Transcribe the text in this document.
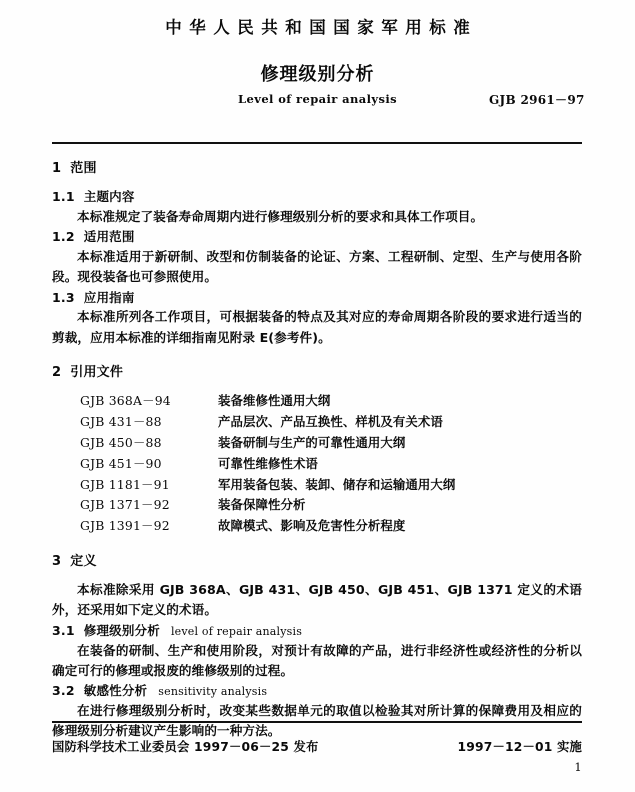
中华人民共和国国家军用标准
修理级别分析
Level of repair analysis	GJB 2961－97
1 范围
1.1 主题内容

本标准规定了装备寿命周期内进行修理级别分析的要求和具体工作项目。

1.2 适用范围

本标准适用于新研制、改型和仿制装备的论证、方案、工程研制、定型、生产与使用各阶段。现役装备也可参照使用。

1.3 应用指南

本标准所列各工作项目，可根据装备的特点及其对应的寿命周期各阶段的要求进行适当的剪裁，应用本标准的详细指南见附录 E(参考件)。

2 引用文件
GJB 368A－94	装备维修性通用大纲
GJB 431－88	产品层次、产品互换性、样机及有关术语
GJB 450－88	装备研制与生产的可靠性通用大纲
GJB 451－90	可靠性维修性术语
GJB 1181－91	军用装备包装、装卸、储存和运输通用大纲
GJB 1371－92	装备保障性分析
GJB 1391－92	故障模式、影响及危害性分析程度
3 定义

本标准除采用 GJB 368A、GJB 431、GJB 450、GJB 451、GJB 1371 定义的术语外，还采用如下定义的术语。

3.1 修理级别分析 level of repair analysis

在装备的研制、生产和使用阶段，对预计有故障的产品，进行非经济性或经济性的分析以确定可行的修理或报废的维修级别的过程。

3.2 敏感性分析 sensitivity analysis

在进行修理级别分析时，改变某些数据单元的取值以检验其对所计算的保障费用及相应的修理级别分析建议产生影响的一种方法。

国防科学技术工业委员会 1997－06－25 发布	1997－12－01 实施
1
